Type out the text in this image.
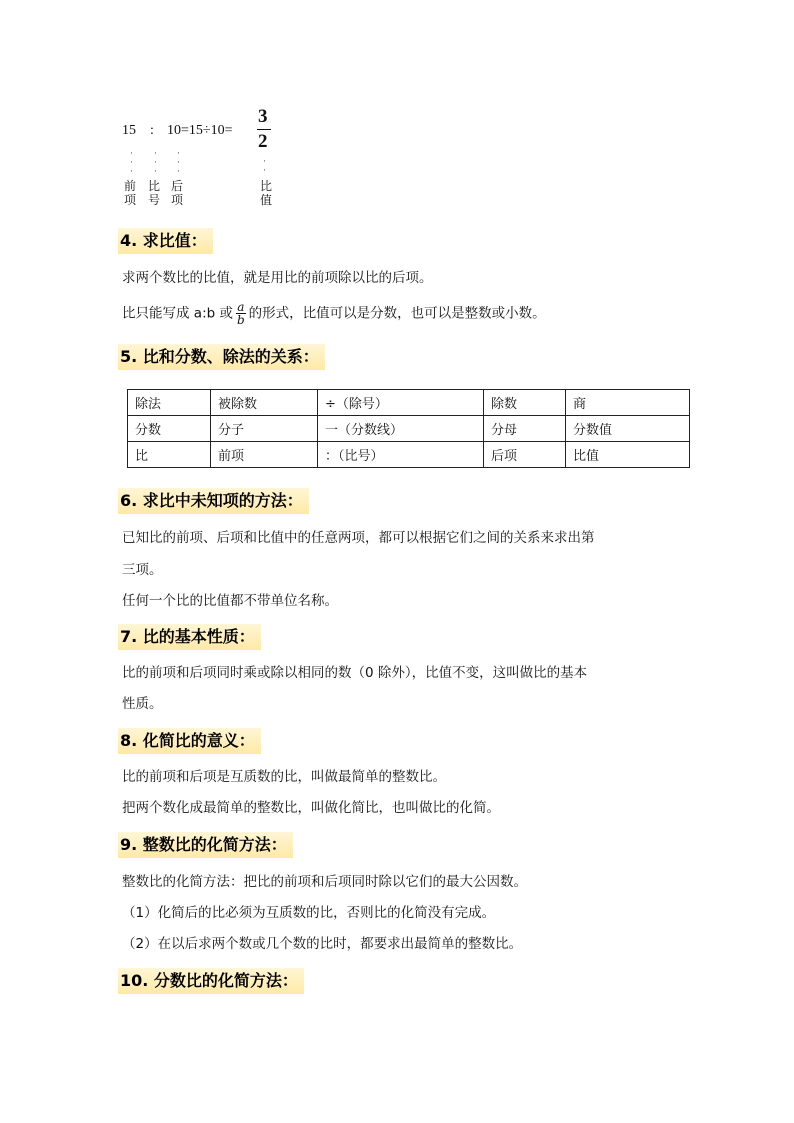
15 : 10=15÷10=
3
2
·
·
·
·
·
·
·
·
·
·
·
前
项
比
号
后
项
比
值
4. 求比值：
求两个数比的比值，就是用比的前项除以比的后项。
比只能写成 a:b 或 $\frac{a}{b}$ 的形式，比值可以是分数，也可以是整数或小数。
5. 比和分数、除法的关系：
除法	被除数	÷（除号）	除数	商
分数	分子	一（分数线）	分母	分数值
比	前项	：（比号）	后项	比值
6. 求比中未知项的方法：
已知比的前项、后项和比值中的任意两项，都可以根据它们之间的关系来求出第
三项。
任何一个比的比值都不带单位名称。
7. 比的基本性质：
比的前项和后项同时乘或除以相同的数（0 除外），比值不变，这叫做比的基本
性质。
8. 化简比的意义：
比的前项和后项是互质数的比，叫做最简单的整数比。
把两个数化成最简单的整数比，叫做化简比，也叫做比的化简。
9. 整数比的化简方法：
整数比的化简方法：把比的前项和后项同时除以它们的最大公因数。
（1）化简后的比必须为互质数的比，否则比的化简没有完成。
（2）在以后求两个数或几个数的比时，都要求出最简单的整数比。
10. 分数比的化简方法：
